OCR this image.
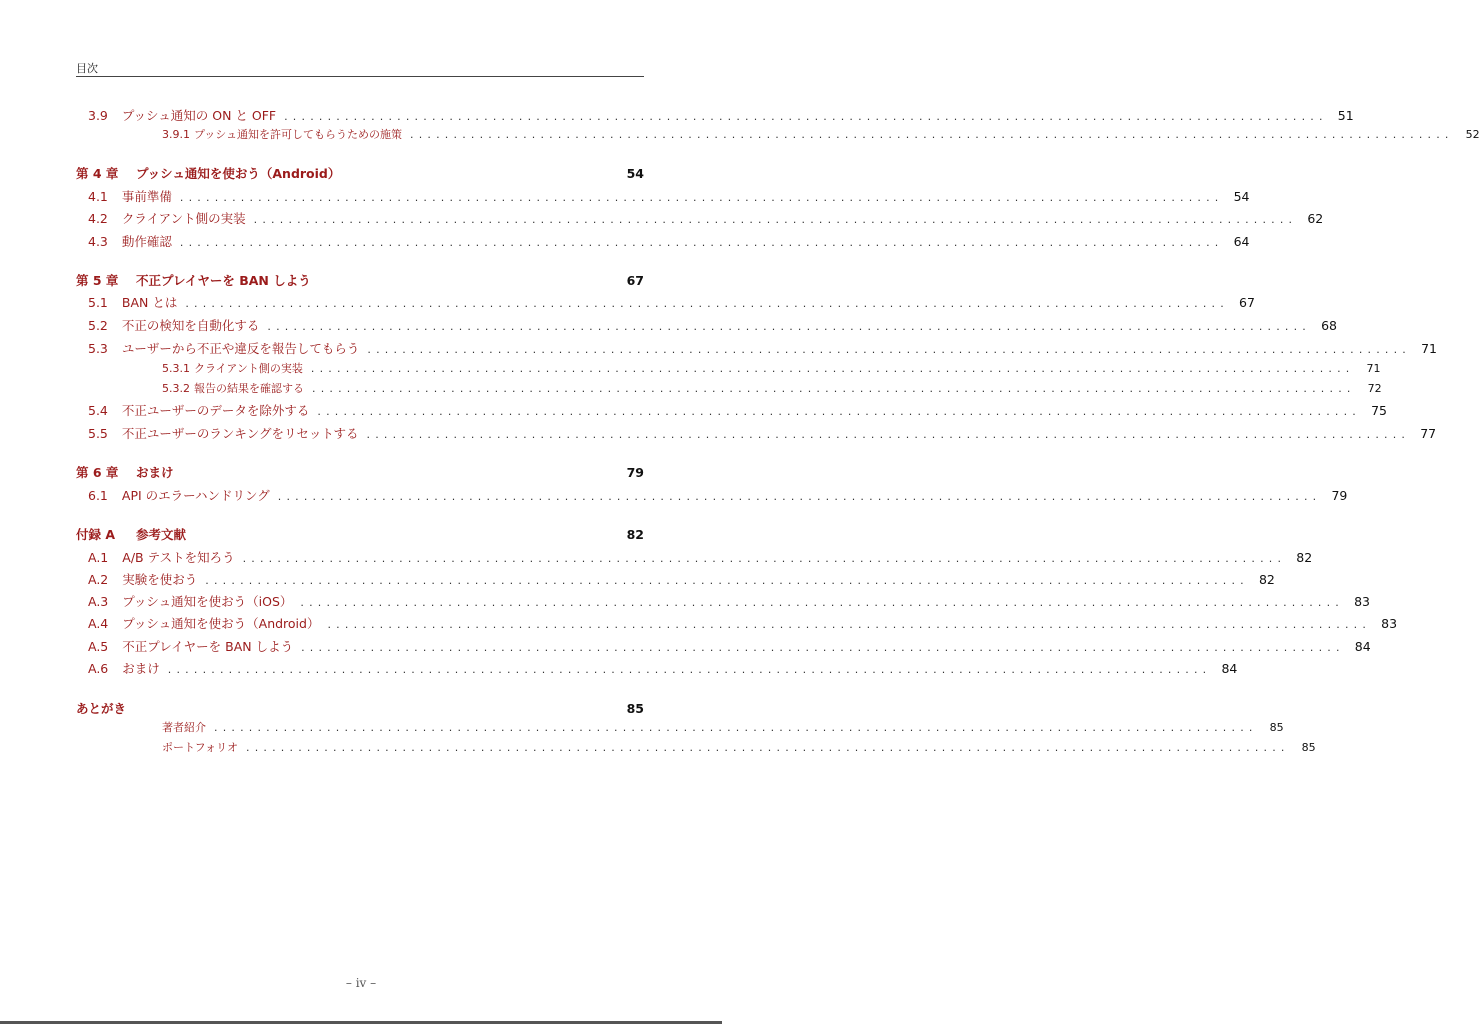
目次
3.9	プッシュ通知の ON と OFF ........................................................................................................................ 51
3.9.1 プッシュ通知を許可してもらうための施策 ........................................................................................................................	52
第 4 章	プッシュ通知を使おう（Android）	54
4.1	事前準備 ........................................................................................................................ 54
4.2	クライアント側の実装 ........................................................................................................................ 62
4.3	動作確認 ........................................................................................................................ 64
第 5 章	不正プレイヤーを BAN しよう	67
5.1	BAN とは ........................................................................................................................ 67
5.2	不正の検知を自動化する ........................................................................................................................ 68
5.3	ユーザーから不正や違反を報告してもらう ........................................................................................................................ 71
5.3.1 クライアント側の実装 ........................................................................................................................	71
5.3.2 報告の結果を確認する ........................................................................................................................	72
5.4	不正ユーザーのデータを除外する ........................................................................................................................ 75
5.5	不正ユーザーのランキングをリセットする ........................................................................................................................ 77
第 6 章	おまけ	79
6.1	API のエラーハンドリング ........................................................................................................................ 79
付録 A	参考文献	82
A.1	A/B テストを知ろう ........................................................................................................................ 82
A.2	実験を使おう ........................................................................................................................ 82
A.3	プッシュ通知を使おう（iOS） ........................................................................................................................ 83
A.4	プッシュ通知を使おう（Android） ........................................................................................................................ 83
A.5	不正プレイヤーを BAN しよう ........................................................................................................................ 84
A.6	おまけ ........................................................................................................................ 84
あとがき	85
著者紹介 ........................................................................................................................	85
ポートフォリオ ........................................................................................................................	85
– iv –
